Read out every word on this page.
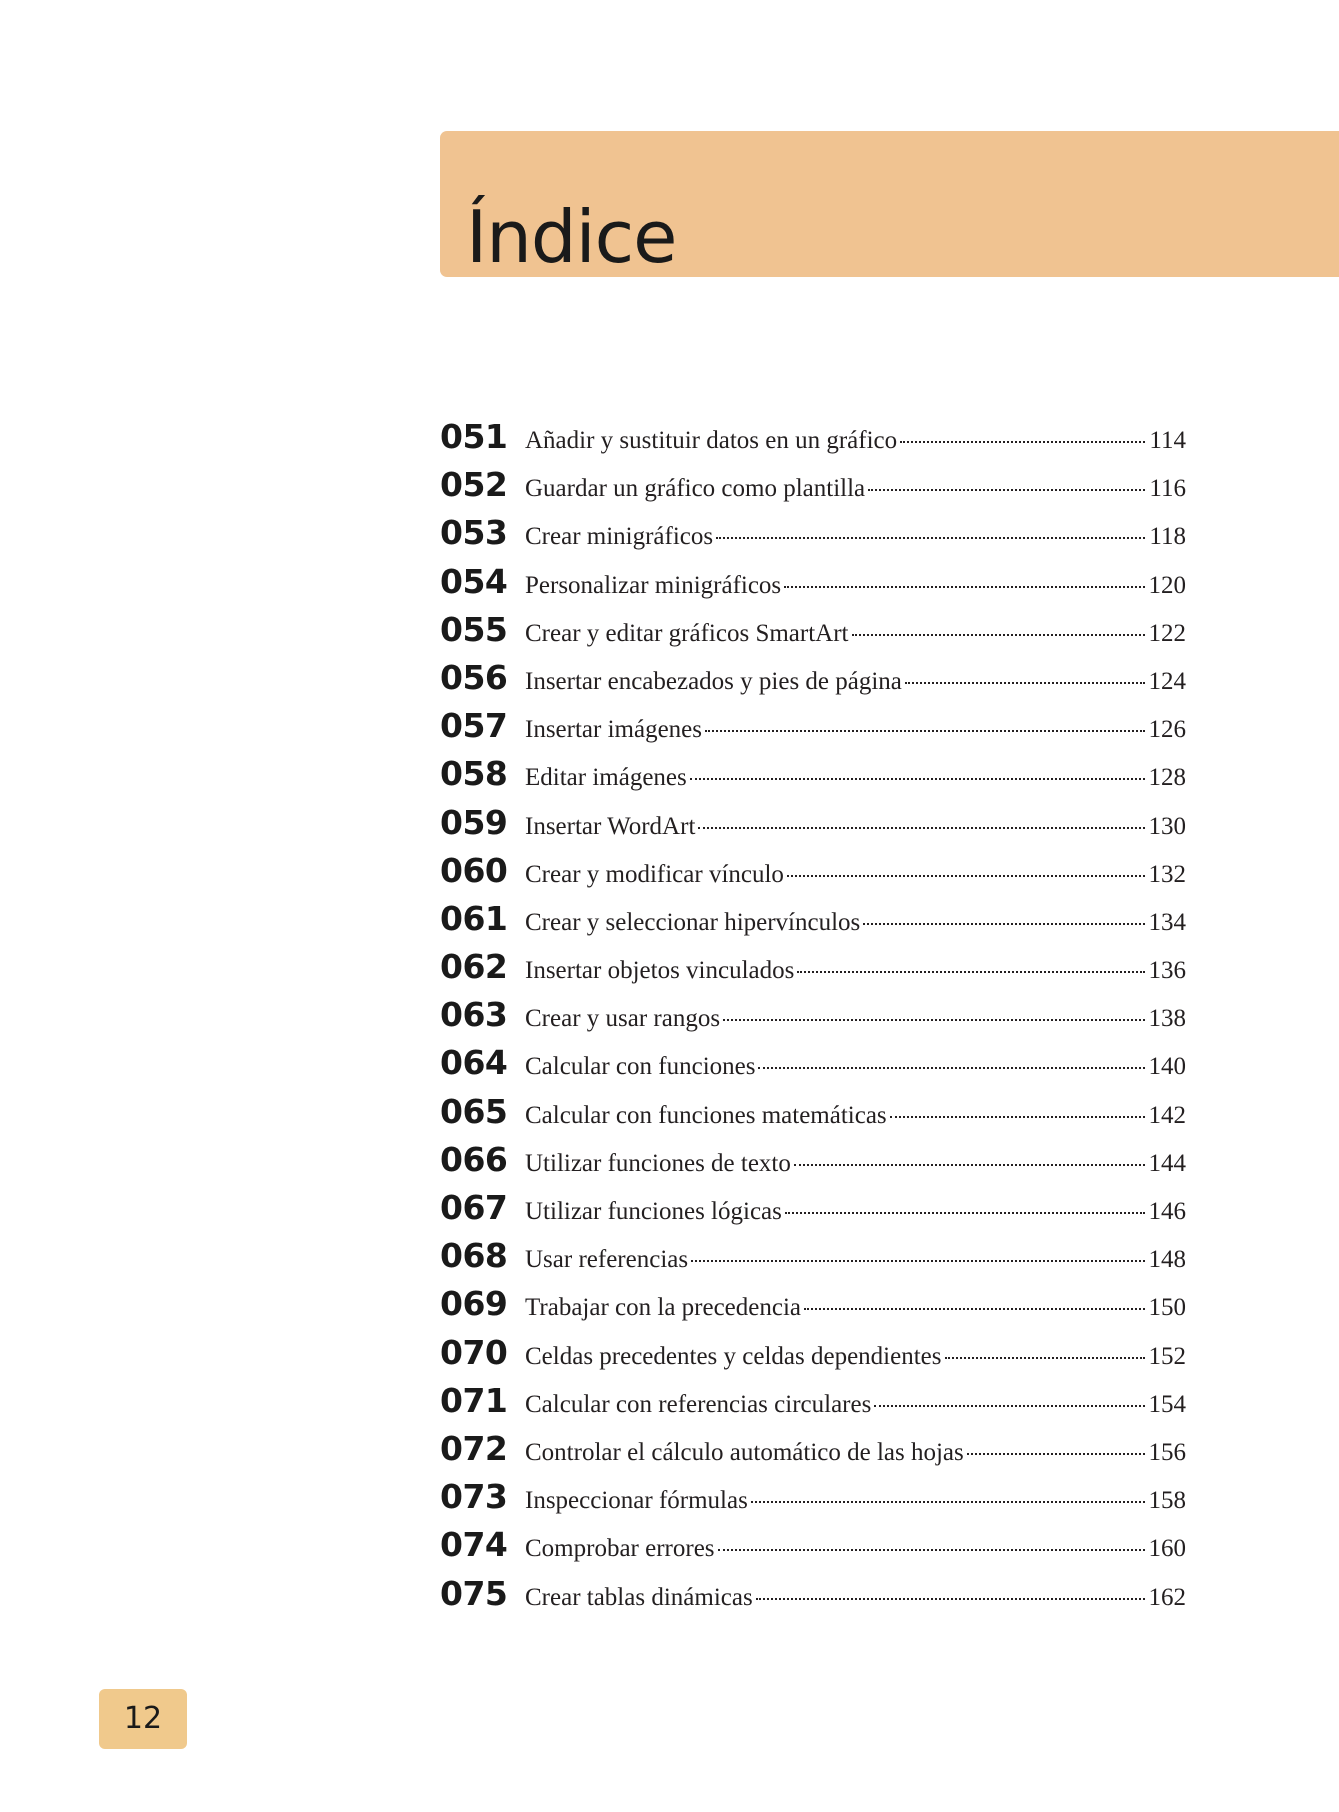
Índice
051 Añadir y sustituir datos en un gráfico	114
052 Guardar un gráfico como plantilla	116
053 Crear minigráficos	118
054 Personalizar minigráficos	120
055 Crear y editar gráficos SmartArt	122
056 Insertar encabezados y pies de página	124
057 Insertar imágenes	126
058 Editar imágenes	128
059 Insertar WordArt	130
060 Crear y modificar vínculo	132
061 Crear y seleccionar hipervínculos	134
062 Insertar objetos vinculados	136
063 Crear y usar rangos	138
064 Calcular con funciones	140
065 Calcular con funciones matemáticas	142
066 Utilizar funciones de texto	144
067 Utilizar funciones lógicas	146
068 Usar referencias	148
069 Trabajar con la precedencia	150
070 Celdas precedentes y celdas dependientes	152
071 Calcular con referencias circulares	154
072 Controlar el cálculo automático de las hojas	156
073 Inspeccionar fórmulas	158
074 Comprobar errores	160
075 Crear tablas dinámicas	162
12
